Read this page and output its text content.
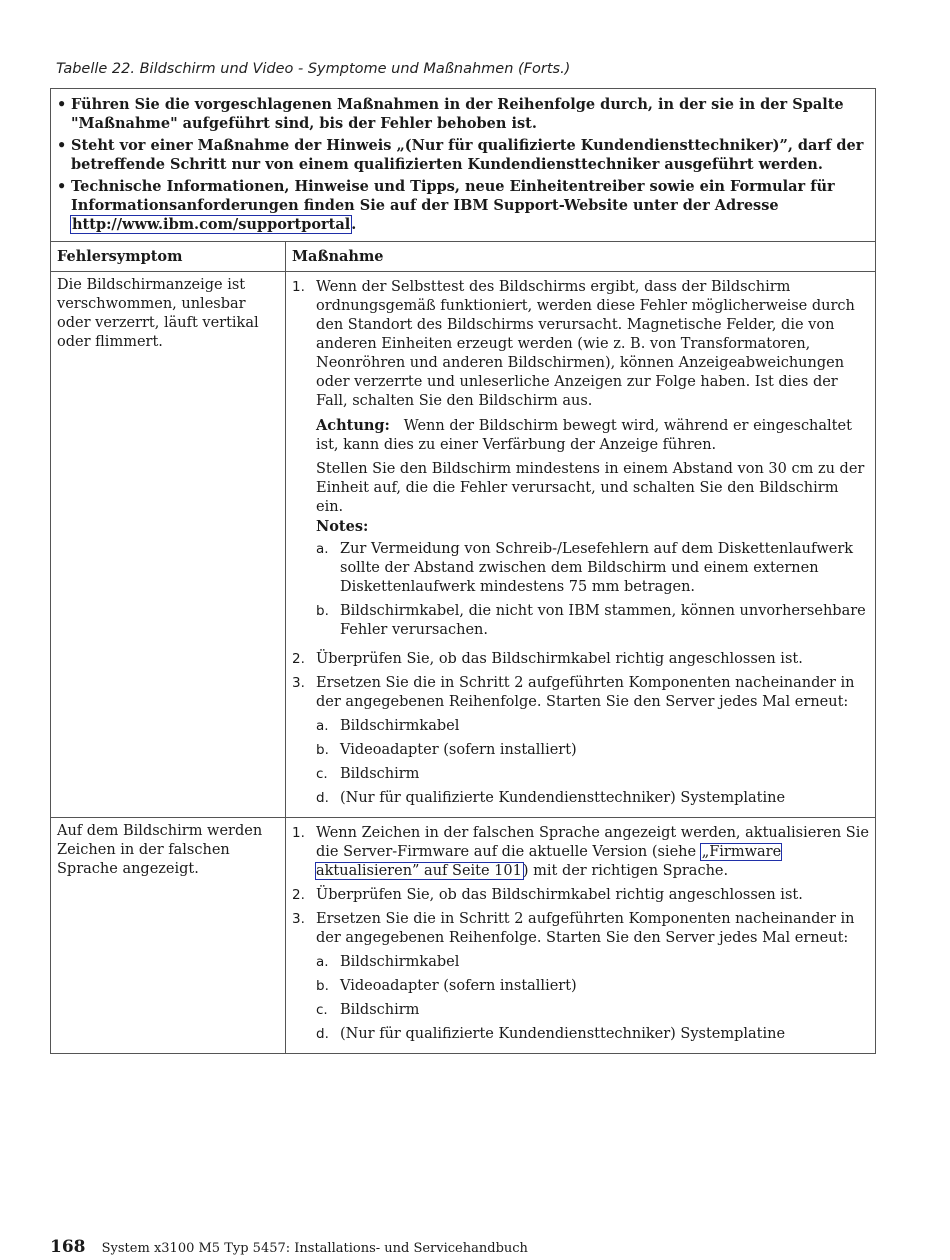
Tabelle 22. Bildschirm und Video - Symptome und Maßnahmen (Forts.)
• Führen Sie die vorgeschlagenen Maßnahmen in der Reihenfolge durch, in der sie in der Spalte "Maßnahme" aufgeführt sind, bis der Fehler behoben ist.
• Steht vor einer Maßnahme der Hinweis „(Nur für qualifizierte Kundendiensttechniker)”, darf der betreffende Schritt nur von einem qualifizierten Kundendiensttechniker ausgeführt werden.
• Technische Informationen, Hinweise und Tipps, neue Einheitentreiber sowie ein Formular für Informationsanforderungen finden Sie auf der IBM Support-Website unter der Adresse http://www.ibm.com/supportportal.
Fehlersymptom	Maßnahme
Die Bildschirmanzeige ist verschwommen, unlesbar oder verzerrt, läuft vertikal oder flimmert.
1. Wenn der Selbsttest des Bildschirms ergibt, dass der Bildschirm ordnungsgemäß funktioniert, werden diese Fehler möglicherweise durch den Standort des Bildschirms verursacht. Magnetische Felder, die von anderen Einheiten erzeugt werden (wie z. B. von Transformatoren, Neonröhren und anderen Bildschirmen), können Anzeigeabweichungen oder verzerrte und unleserliche Anzeigen zur Folge haben. Ist dies der Fall, schalten Sie den Bildschirm aus.

Achtung: Wenn der Bildschirm bewegt wird, während er eingeschaltet ist, kann dies zu einer Verfärbung der Anzeige führen.

Stellen Sie den Bildschirm mindestens in einem Abstand von 30 cm zu der Einheit auf, die die Fehler verursacht, und schalten Sie den Bildschirm ein.

Notes:

a. Zur Vermeidung von Schreib-/Lesefehlern auf dem Diskettenlaufwerk sollte der Abstand zwischen dem Bildschirm und einem externen Diskettenlaufwerk mindestens 75 mm betragen.
b. Bildschirmkabel, die nicht von IBM stammen, können unvorhersehbare Fehler verursachen.
2. Überprüfen Sie, ob das Bildschirmkabel richtig angeschlossen ist.
3. Ersetzen Sie die in Schritt 2 aufgeführten Komponenten nacheinander in der angegebenen Reihenfolge. Starten Sie den Server jedes Mal erneut:

a. Bildschirmkabel
b. Videoadapter (sofern installiert)
c. Bildschirm
d. (Nur für qualifizierte Kundendiensttechniker) Systemplatine
Auf dem Bildschirm werden Zeichen in der falschen Sprache angezeigt.
1. Wenn Zeichen in der falschen Sprache angezeigt werden, aktualisieren Sie die Server-Firmware auf die aktuelle Version (siehe „Firmware aktualisieren” auf Seite 101) mit der richtigen Sprache.
2. Überprüfen Sie, ob das Bildschirmkabel richtig angeschlossen ist.
3. Ersetzen Sie die in Schritt 2 aufgeführten Komponenten nacheinander in der angegebenen Reihenfolge. Starten Sie den Server jedes Mal erneut:

a. Bildschirmkabel
b. Videoadapter (sofern installiert)
c. Bildschirm
d. (Nur für qualifizierte Kundendiensttechniker) Systemplatine
168 System x3100 M5 Typ 5457: Installations- und Servicehandbuch
